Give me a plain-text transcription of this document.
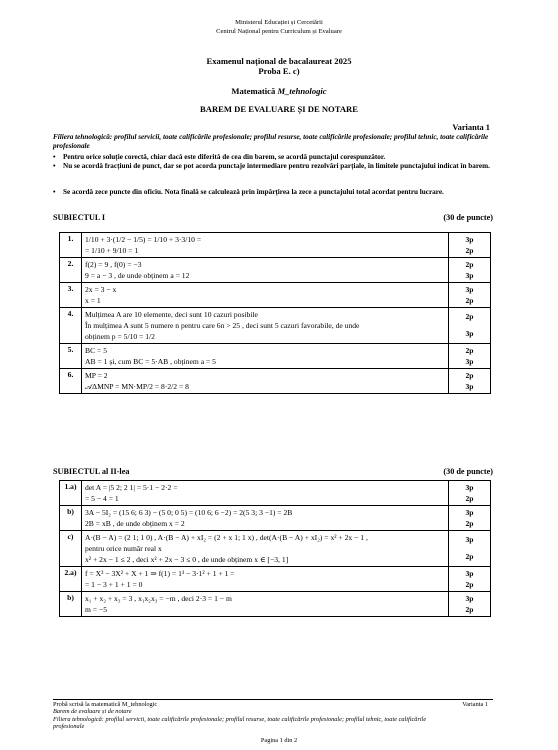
Ministerul Educației și Cercetării
Centrul Național pentru Curriculum și Evaluare
Examenul național de bacalaureat 2025
Proba E. c)
Matematică M_tehnologic
BAREM DE EVALUARE ȘI DE NOTARE
Varianta 1
Filiera tehnologică: profilul servicii, toate calificările profesionale; profilul resurse, toate calificările profesionale; profilul tehnic, toate calificările profesionale
• Pentru orice soluție corectă, chiar dacă este diferită de cea din barem, se acordă punctajul corespunzător.
• Nu se acordă fracțiuni de punct, dar se pot acorda punctaje intermediare pentru rezolvări parțiale, în limitele punctajului indicat în barem.
• Se acordă zece puncte din oficiu. Nota finală se calculează prin împărțirea la zece a punctajului total acordat pentru lucrare.
SUBIECTUL I	(30 de puncte)
1.	1/10 + 3·(1/2 − 1/5) = 1/10 + 3·3/10 =
= 1/10 + 9/10 = 1	3p
2p

2.	f(2) = 9 , f(0) = −3
9 = a − 3 , de unde obținem a = 12	2p
3p

3.	2x = 3 − x
x = 1	3p
2p

4.	Mulțimea A are 10 elemente, deci sunt 10 cazuri posibile
În mulțimea A sunt 5 numere n pentru care 6n > 25 , deci sunt 5 cazuri favorabile, de unde
obținem p = 5/10 = 1/2	2p
3p

5.	BC = 5
AB = 1 și, cum BC = 5·AB , obținem a = 5	2p
3p

6.	MP = 2
𝒜ΔMNP = MN·MP/2 = 8·2/2 = 8	2p
3p
SUBIECTUL al II-lea	(30 de puncte)
1.a)	det A = |5 2; 2 1| = 5·1 − 2·2 =
= 5 − 4 = 1	3p
2p

b)	3A − 5I₂ = (15 6; 6 3) − (5 0; 0 5) = (10 6; 6 −2) = 2(5 3; 3 −1) = 2B
2B = xB , de unde obținem x = 2	3p
2p

c)	A·(B − A) = (2 1; 1 0) , A·(B − A) + xI₂ = (2 + x 1; 1 x) , det(A·(B − A) + xI₂) = x² + 2x − 1 ,
pentru orice număr real x
x² + 2x − 1 ≤ 2 , deci x² + 2x − 3 ≤ 0 , de unde obținem x ∈ [−3, 1]	3p
2p

2.a)	f = X³ − 3X² + X + 1 ⇒ f(1) = 1³ − 3·1² + 1 + 1 =
= 1 − 3 + 1 + 1 = 0	3p
2p

b)	x₁ + x₂ + x₃ = 3 , x₁x₂x₃ = −m , deci 2·3 = 1 − m
m = −5	3p
2p
Probă scrisă la matematică M_tehnologic
Barem de evaluare și de notare
Filiera tehnologică: profilul servicii, toate calificările profesionale; profilul resurse, toate calificările profesionale; profilul tehnic, toate calificările profesionale
Varianta 1
Pagina 1 din 2
